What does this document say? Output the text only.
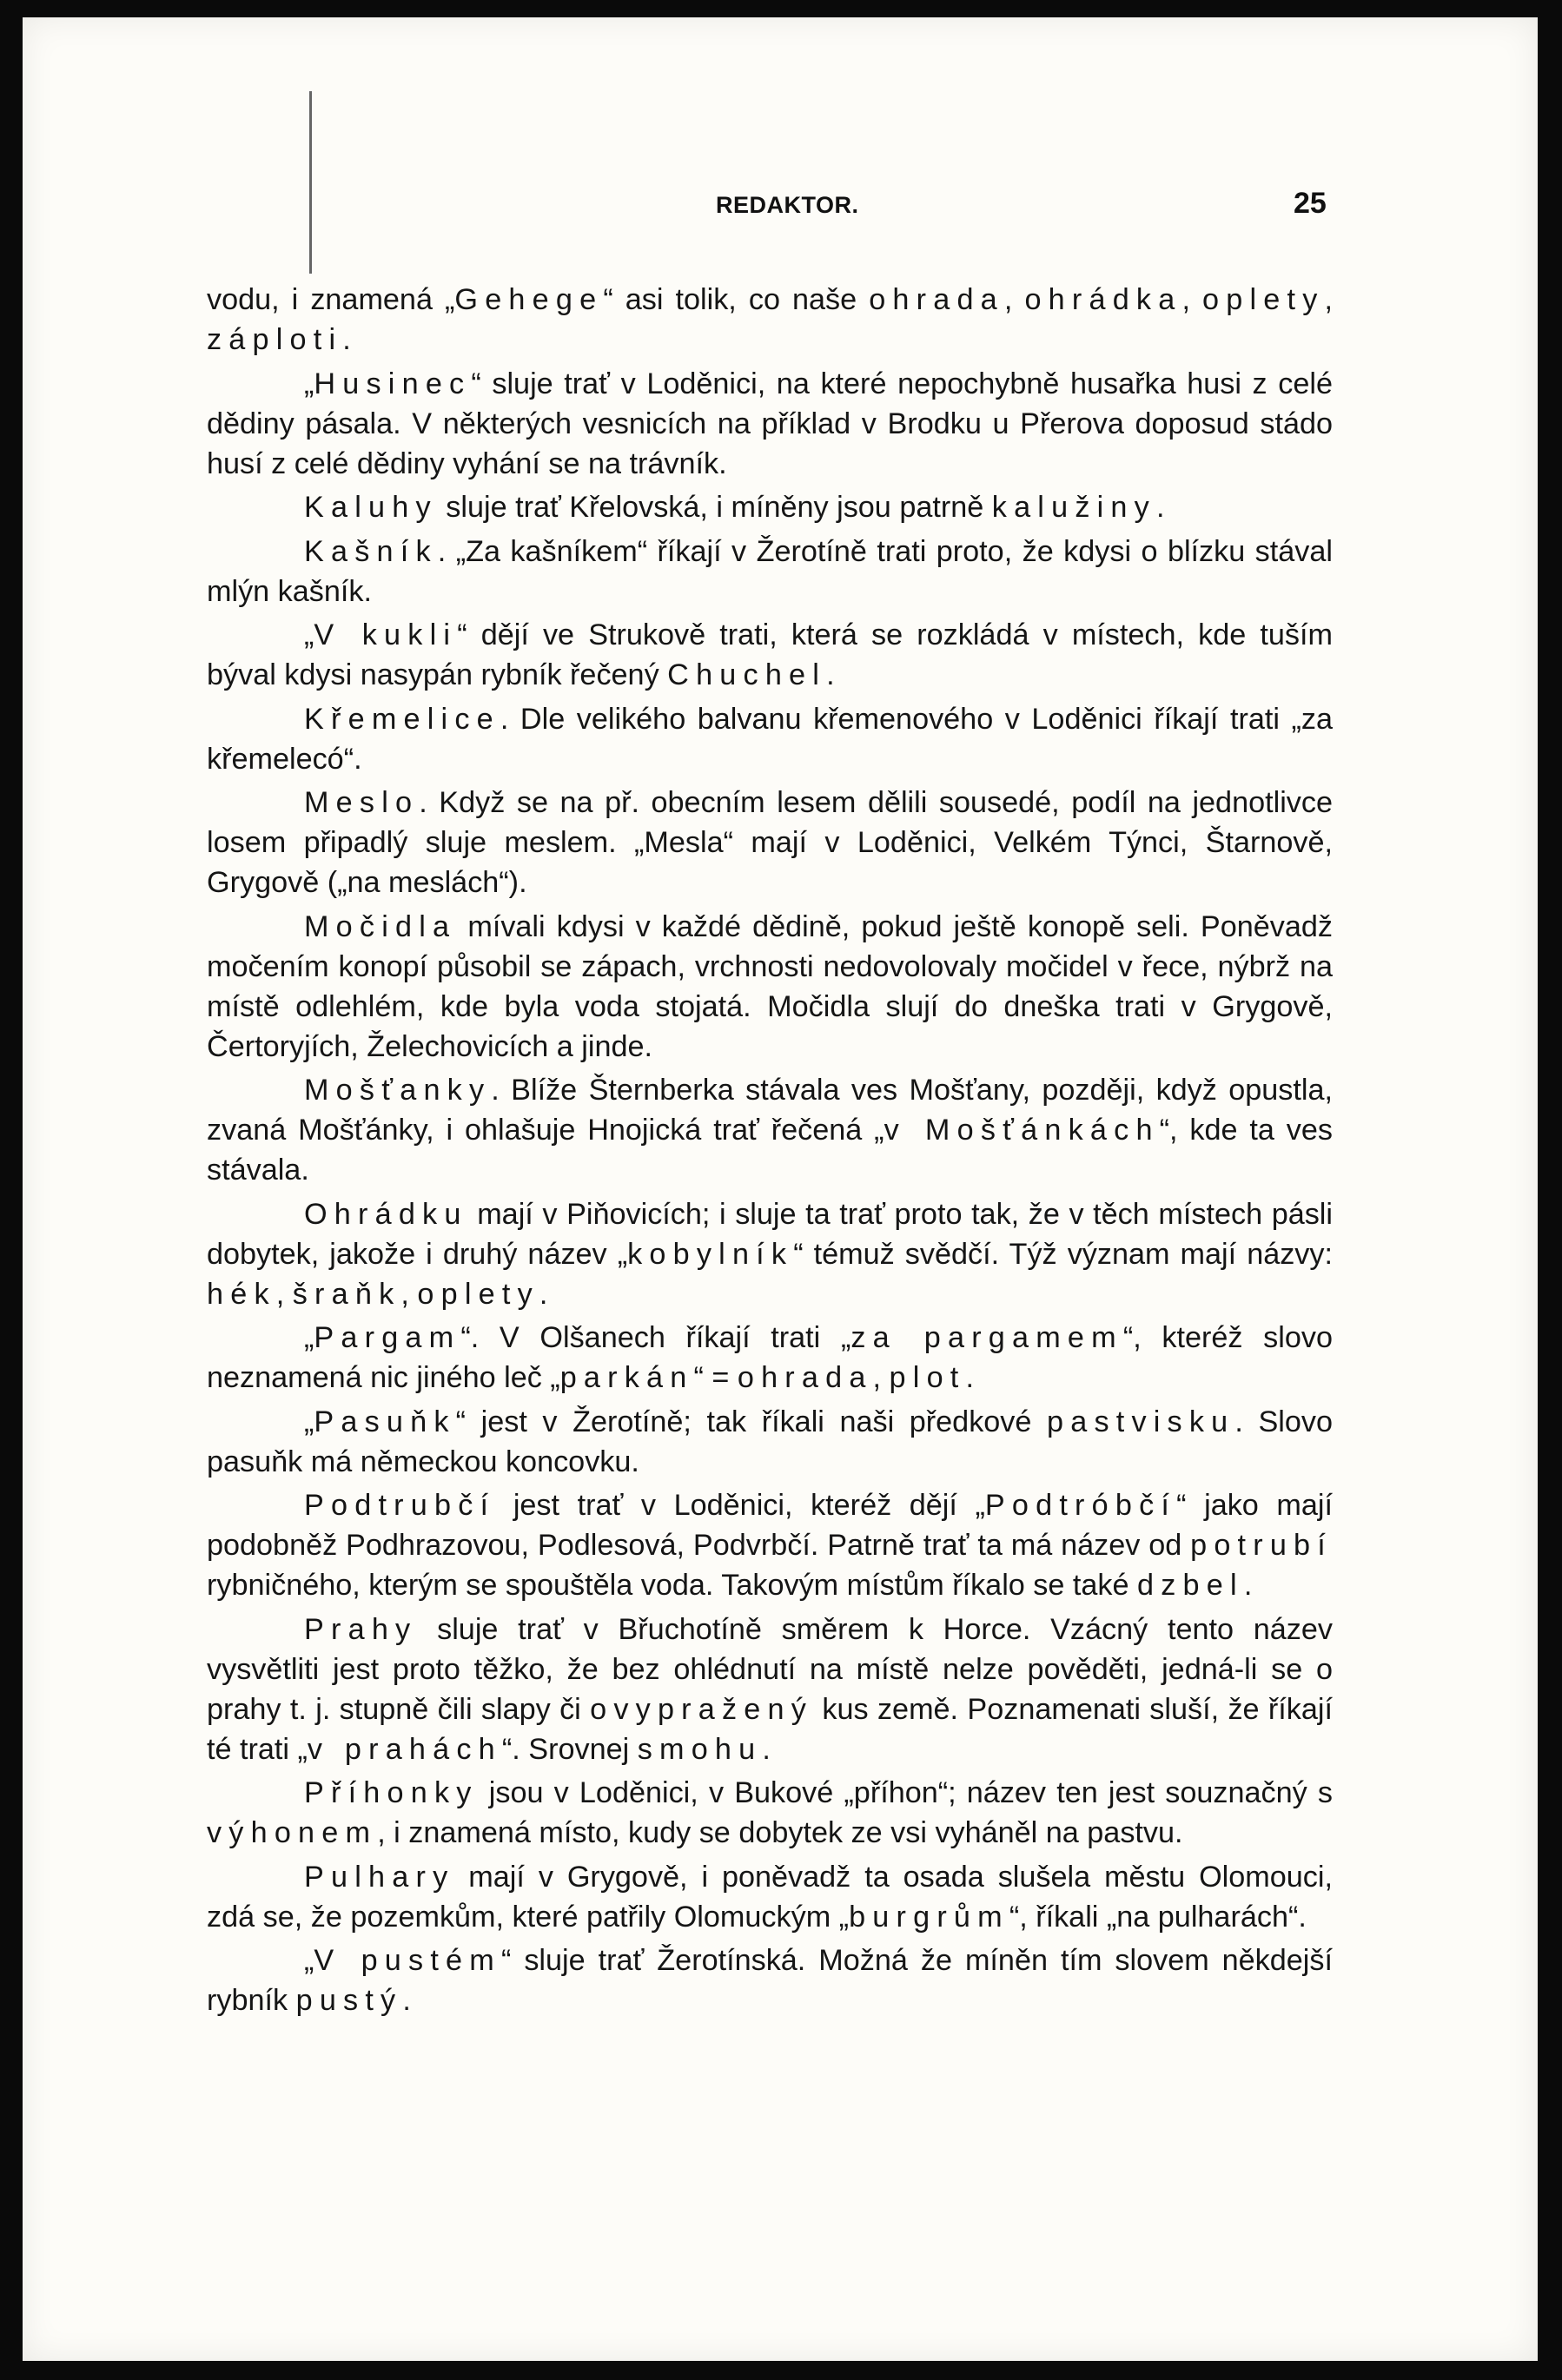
REDAKTOR.	25

vodu, i znamená „Gehege“ asi tolik, co naše ohrada, ohrádka, oplety, záploti.

„Husinec“ sluje trať v Loděnici, na které nepochybně husařka husi z celé dědiny pásala. V některých vesnicích na příklad v Brodku u Přerova doposud stádo husí z celé dědiny vyhání se na trávník.

Kaluhy sluje trať Křelovská, i míněny jsou patrně kalužiny.

Kašník. „Za kašníkem“ říkají v Žerotíně trati proto, že kdysi o blízku stával mlýn kašník.

„V kukli“ dějí ve Strukově trati, která se rozkládá v místech, kde tuším býval kdysi nasypán rybník řečený Chuchel.

Křemelice. Dle velikého balvanu křemenového v Loděnici říkají trati „za křemelecó“.

Meslo. Když se na př. obecním lesem dělili sousedé, podíl na jednotlivce losem připadlý sluje meslem. „Mesla“ mají v Loděnici, Velkém Týnci, Štarnově, Grygově („na meslách“).

Močidla mívali kdysi v každé dědině, pokud ještě konopě seli. Poněvadž močením konopí působil se zápach, vrchnosti nedovolovaly močidel v řece, nýbrž na místě odlehlém, kde byla voda stojatá. Močidla slují do dneška trati v Grygově, Čertoryjích, Želechovicích a jinde.

Mošťanky. Blíže Šternberka stávala ves Mošťany, později, když opustla, zvaná Mošťánky, i ohlašuje Hnojická trať řečená „v Mošťánkách“, kde ta ves stávala.

Ohrádku mají v Piňovicích; i sluje ta trať proto tak, že v těch místech pásli dobytek, jakože i druhý název „kobylník“ témuž svědčí. Týž význam mají názvy: hék, šraňk, oplety.

„Pargam“. V Olšanech říkají trati „za pargamem“, kteréž slovo neznamená nic jiného leč „parkán“ = ohrada, plot.

„Pasuňk“ jest v Žerotíně; tak říkali naši předkové pastvisku. Slovo pasuňk má německou koncovku.

Podtrubčí jest trať v Loděnici, kteréž dějí „Podtróbčí“ jako mají podobněž Podhrazovou, Podlesová, Podvrbčí. Patrně trať ta má název od potrubí rybničného, kterým se spouštěla voda. Takovým místům říkalo se také dzbel.

Prahy sluje trať v Břuchotíně směrem k Horce. Vzácný tento název vysvětliti jest proto těžko, že bez ohlédnutí na místě nelze pověděti, jedná-li se o prahy t. j. stupně čili slapy či ovypražený kus země. Poznamenati sluší, že říkají té trati „v prahách“. Srovnej smohu.

Příhonky jsou v Loděnici, v Bukové „příhon“; název ten jest souznačný s výhonem, i znamená místo, kudy se dobytek ze vsi vyháněl na pastvu.

Pulhary mají v Grygově, i poněvadž ta osada slušela městu Olomouci, zdá se, že pozemkům, které patřily Olomuckým „burgrům“, říkali „na pulharách“.

„V pustém“ sluje trať Žerotínská. Možná že míněn tím slovem někdejší rybník pustý.
